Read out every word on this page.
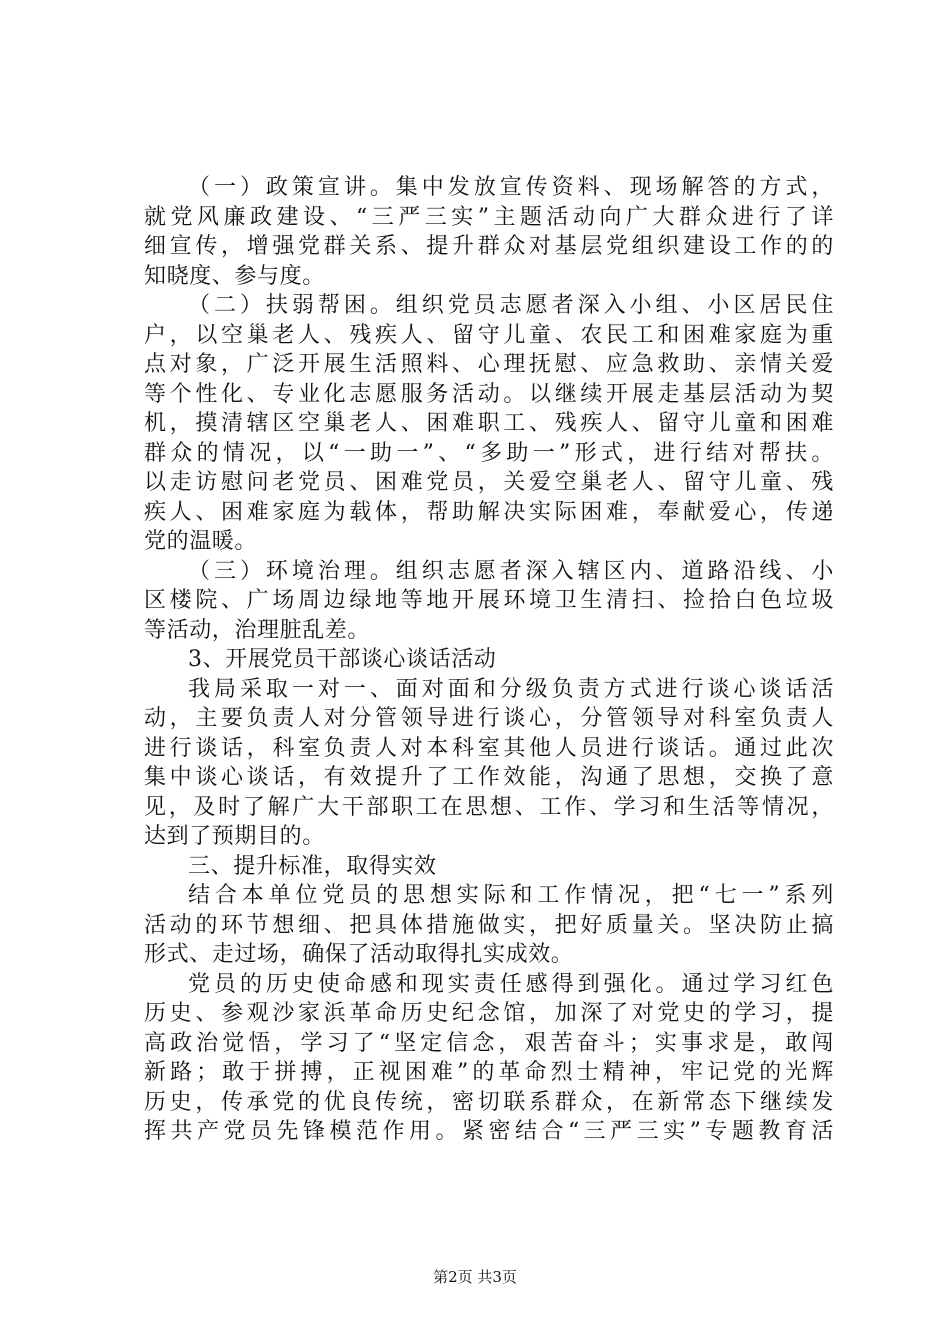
（一）政策宣讲。集中发放宣传资料、现场解答的方式，
就党风廉政建设、“三严三实”主题活动向广大群众进行了详
细宣传，增强党群关系、提升群众对基层党组织建设工作的的
知晓度、参与度。
（二）扶弱帮困。组织党员志愿者深入小组、小区居民住
户，以空巢老人、残疾人、留守儿童、农民工和困难家庭为重
点对象，广泛开展生活照料、心理抚慰、应急救助、亲情关爱
等个性化、专业化志愿服务活动。以继续开展走基层活动为契
机，摸清辖区空巢老人、困难职工、残疾人、留守儿童和困难
群众的情况，以“一助一”、“多助一”形式，进行结对帮扶。
以走访慰问老党员、困难党员，关爱空巢老人、留守儿童、残
疾人、困难家庭为载体，帮助解决实际困难，奉献爱心，传递
党的温暖。
（三）环境治理。组织志愿者深入辖区内、道路沿线、小
区楼院、广场周边绿地等地开展环境卫生清扫、捡拾白色垃圾
等活动，治理脏乱差。
3、开展党员干部谈心谈话活动
我局采取一对一、面对面和分级负责方式进行谈心谈话活
动，主要负责人对分管领导进行谈心，分管领导对科室负责人
进行谈话，科室负责人对本科室其他人员进行谈话。通过此次
集中谈心谈话，有效提升了工作效能，沟通了思想，交换了意
见，及时了解广大干部职工在思想、工作、学习和生活等情况，
达到了预期目的。
三、提升标准，取得实效
结合本单位党员的思想实际和工作情况，把“七一”系列
活动的环节想细、把具体措施做实，把好质量关。坚决防止搞
形式、走过场，确保了活动取得扎实成效。
党员的历史使命感和现实责任感得到强化。通过学习红色
历史、参观沙家浜革命历史纪念馆，加深了对党史的学习，提
高政治觉悟，学习了“坚定信念，艰苦奋斗；实事求是，敢闯
新路；敢于拼搏，正视困难”的革命烈士精神，牢记党的光辉
历史，传承党的优良传统，密切联系群众，在新常态下继续发
挥共产党员先锋模范作用。紧密结合“三严三实”专题教育活
第2页 共3页
